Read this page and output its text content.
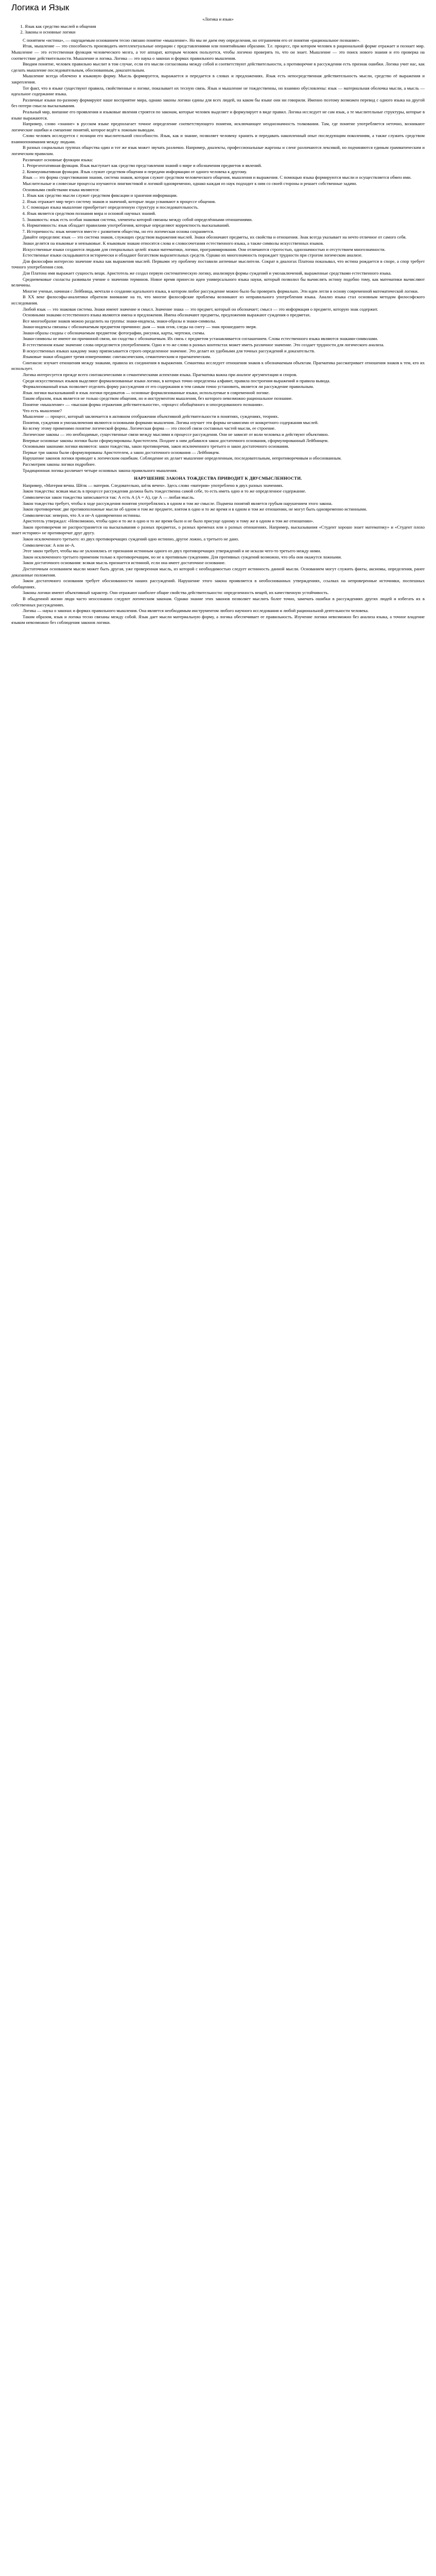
Логика и Язык
«Логика и язык»
1. Язык как средство мыслей и общения
2. Законы и основные логики

С понятием «истина», — ощущаемым основанием тесно связано понятие «мышление». Но мы не даем ему определения, но отграничим его от понятия «рациональное познание».

Итак, мышление — это способность производить интеллектуальные операции с представлениями или понятийными образами. Т.е. процесс, при котором человек в рациональной форме отражает и познает мир. Мышление — это естественная функция человеческого мозга, а тот аппарат, которым человек пользуется, чтобы логично проверять то, что он знает. Мышление — это поиск нового знания и его проверка на соответствие действительности. Мышление и логика. Логика — это наука о законах и формах правильного мышления.

Вводим понятие, человек правильно мыслит в том случае, если его мысли согласованы между собой и соответствуют действительности, а противоречие в рассуждении есть признак ошибки. Логика учит нас, как сделать мышление последовательным, обоснованным, доказательным.

Мышление всегда облечено в языковую форму. Мысль формируется, выражается и передается в словах и предложениях. Язык есть непосредственная действительность мысли, средство её выражения и закрепления.

Тот факт, что в языке существуют правила, свойственные и логике, показывает их тесную связь. Язык и мышление не тождественны, но взаимно обусловлены: язык — материальная оболочка мысли, а мысль — идеальное содержание языка.

Различные языки по-разному формируют наше восприятие мира, однако законы логики едины для всех людей, на каком бы языке они ни говорили. Именно поэтому возможен перевод с одного языка на другой без потери смысла высказывания.

Реальный мир, внешние его проявления и языковые явления строятся по законам, которые человек выделяет и формулирует в виде правил. Логика исследует не сам язык, а те мыслительные структуры, которые в языке выражаются.

Например, слово «знание» в русском языке предполагает точное определение соответствующего понятия, исключающее неоднозначность толкования. Там, где понятие употребляется неточно, возникают логические ошибки и смешение понятий, которое ведёт к ложным выводам.

Слово человек исследуется с позиции его мыслительной способности. Язык, как и знание, позволяет человеку хранить и передавать накопленный опыт последующим поколениям, а также служить средством взаимопонимания между людьми.

В разных социальных группах общества один и тот же язык может звучать различно. Например, диалекты, профессиональные жаргоны и сленг различаются лексикой, но подчиняются единым грамматическим и логическим правилам.

Различают основные функции языка:

1. Репрезентативная функция. Язык выступает как средство представления знаний о мире и обозначения предметов и явлений.
2. Коммуникативная функция. Язык служит средством общения и передачи информации от одного человека к другому.

Язык — это форма существования знания, система знаков, которая служит средством человеческого общения, мышления и выражения. С помощью языка формируются мысли и осуществляется обмен ими.

Мыслительные и словесные процессы изучаются лингвистикой и логикой одновременно, однако каждая из наук подходит к ним со своей стороны и решает собственные задачи.

Основными свойствами языка являются:

1. Язык как средство мысли служит средством фиксации и хранения информации.
2. Язык отражает мир через систему знаков и значений, которые люди усваивают в процессе общения.
3. С помощью языка мышление приобретает определенную структуру и последовательность.
4. Язык является средством познания мира и основой научных знаний.
5. Знаковость: язык есть особая знаковая система, элементы которой связаны между собой определёнными отношениями.
6. Нормативность: язык обладает правилами употребления, которые определяют корректность высказываний.
7. Историчность: язык меняется вместе с развитием общества, но его логическая основа сохраняется.

Давайте определим: язык — это система знаков, служащих средством выражения мыслей. Знаки обозначают предметы, их свойства и отношения. Знак всегда указывает на нечто отличное от самого себя.

Знаки делятся на языковые и неязыковые. К языковым знакам относятся слова и словосочетания естественного языка, а также символы искусственных языков.

Искусственные языки создаются людьми для специальных целей: языки математики, логики, программирования. Они отличаются строгостью, однозначностью и отсутствием многозначности.

Естественные языки складываются исторически и обладают богатством выразительных средств. Однако их многозначность порождает трудности при строгом логическом анализе.

Для философии интересно значение языка как выражения мыслей. Первыми эту проблему поставили античные мыслители. Сократ в диалогах Платона показывал, что истина рождается в споре, а спор требует точного употребления слов.

Для Платона имя выражает сущность вещи. Аристотель же создал первую систематическую логику, анализируя формы суждений и умозаключений, выраженные средствами естественного языка.

Средневековые схоласты развивали учение о значении терминов. Новое время принесло идеи универсального языка науки, который позволил бы вычислять истину подобно тому, как математики вычисляют величины.

Многие ученые, начиная с Лейбница, мечтали о создании идеального языка, в котором любое рассуждение можно было бы проверить формально. Эти идеи легли в основу современной математической логики.

В XX веке философы-аналитики обратили внимание на то, что многие философские проблемы возникают из неправильного употребления языка. Анализ языка стал основным методом философского исследования.

Любой язык — это знаковая система. Знаки имеют значение и смысл. Значение знака — это предмет, который он обозначает; смысл — это информация о предмете, которую знак содержит.

Основными знаками естественного языка являются имена и предложения. Имена обозначают предметы, предложения выражают суждения о предметах.

Все многообразие знаков можно разделить на группы: знаки-индексы, знаки-образы и знаки-символы.

Знаки-индексы связаны с обозначаемым предметом причинно: дым — знак огня, следы на снегу — знак прошедшего зверя.

Знаки-образы сходны с обозначаемым предметом: фотографии, рисунки, карты, чертежи, схемы.

Знаки-символы не имеют ни причинной связи, ни сходства с обозначаемым. Их связь с предметом устанавливается соглашением. Слова естественного языка являются знаками-символами.

В естественном языке значение слова определяется употреблением. Одно и то же слово в разных контекстах может иметь различное значение. Это создает трудности для логического анализа.

В искусственных языках каждому знаку приписывается строго определенное значение. Это делает их удобными для точных рассуждений и доказательств.

Языковые знаки обладают тремя измерениями: синтаксическим, семантическим и прагматическим.

Синтаксис изучает отношения между знаками, правила их соединения в выражения. Семантика исследует отношения знаков к обозначаемым объектам. Прагматика рассматривает отношения знаков к тем, кто их использует.

Логика интересуется прежде всего синтаксическими и семантическими аспектами языка. Прагматика важна при анализе аргументации и споров.

Среди искусственных языков выделяют формализованные языки логики, в которых точно определены алфавит, правила построения выражений и правила вывода.

Формализованный язык позволяет отделить форму рассуждения от его содержания и тем самым точно установить, является ли рассуждение правильным.

Язык логики высказываний и язык логики предикатов — основные формализованные языки, используемые в современной логике.

Таким образом, язык является не только средством общения, но и инструментом мышления, без которого невозможно рациональное познание.

Понятие «мышление» — «высшая форма отражения действительности», «процесс обобщённого и опосредованного познания».

Что есть мышление?

Мышление — процесс, который заключается в активном отображении объективной действительности в понятиях, суждениях, теориях.

Понятия, суждения и умозаключения являются основными формами мышления. Логика изучает эти формы независимо от конкретного содержания мыслей.

Ко всему этому применимо понятие логической формы. Логическая форма — это способ связи составных частей мысли, ее строение.

Логические законы — это необходимые, существенные связи между мыслями в процессе рассуждения. Они не зависят от воли человека и действуют объективно.

Впервые основные законы логики были сформулированы Аристотелем. Позднее к ним добавился закон достаточного основания, сформулированный Лейбницем.

Основными законами логики являются: закон тождества, закон противоречия, закон исключенного третьего и закон достаточного основания.

Первые три закона были сформулированы Аристотелем, а закон достаточного основания — Лейбницем.

Нарушение законов логики приводит к логическим ошибкам. Соблюдение их делает мышление определенным, последовательным, непротиворечивым и обоснованным.

Рассмотрим законы логики подробнее.

Традиционная логика различает четыре основных закона правильного мышления.

НАРУШЕНИЕ ЗАКОНА ТОЖДЕСТВА ПРИВОДИТ К ДВУСМЫСЛЕННОСТИ.

Например, «Материя вечна. Шёлк — материя. Следовательно, шёлк вечен». Здесь слово «материя» употреблено в двух разных значениях.

Закон тождества: всякая мысль в процессе рассуждения должна быть тождественна самой себе, то есть иметь одно и то же определенное содержание.

Символически закон тождества записывается так: А есть А (А = А), где А — любая мысль.

Закон тождества требует, чтобы в ходе рассуждения понятия употреблялись в одном и том же смысле. Подмена понятий является грубым нарушением этого закона.

Закон противоречия: две противоположные мысли об одном и том же предмете, взятом в одно и то же время и в одном и том же отношении, не могут быть одновременно истинными.

Символически: неверно, что А и не-А одновременно истинны.

Аристотель утверждал: «Невозможно, чтобы одно и то же в одно и то же время было и не было присуще одному и тому же в одном и том же отношении».

Закон противоречия не распространяется на высказывания о разных предметах, о разных временах или о разных отношениях. Например, высказывания «Студент хорошо знает математику» и «Студент плохо знает историю» не противоречат друг другу.

Закон исключенного третьего: из двух противоречащих суждений одно истинно, другое ложно, а третьего не дано.

Символически: А или не-А.

Этот закон требует, чтобы мы не уклонялись от признания истинным одного из двух противоречащих утверждений и не искали чего-то третьего между ними.

Закон исключенного третьего применим только к противоречащим, но не к противным суждениям. Для противных суждений возможно, что оба они окажутся ложными.

Закон достаточного основания: всякая мысль признается истинной, если она имеет достаточное основание.

Достаточным основанием мысли может быть другая, уже проверенная мысль, из которой с необходимостью следует истинность данной мысли. Основанием могут служить факты, аксиомы, определения, ранее доказанные положения.

Закон достаточного основания требует обоснованности наших рассуждений. Нарушение этого закона проявляется в необоснованных утверждениях, ссылках на непроверенные источники, поспешных обобщениях.

Законы логики имеют объективный характер. Они отражают наиболее общие свойства действительности: определенность вещей, их качественную устойчивость.

В обыденной жизни люди часто неосознанно следуют логическим законам. Однако знание этих законов позволяет мыслить более точно, замечать ошибки в рассуждениях других людей и избегать их в собственных рассуждениях.

Логика — наука о законах и формах правильного мышления. Она является необходимым инструментом любого научного исследования и любой рациональной деятельности человека.

Таким образом, язык и логика тесно связаны между собой. Язык дает мысли материальную форму, а логика обеспечивает ее правильность. Изучение логики невозможно без анализа языка, а точное владение языком невозможно без соблюдения законов логики.
